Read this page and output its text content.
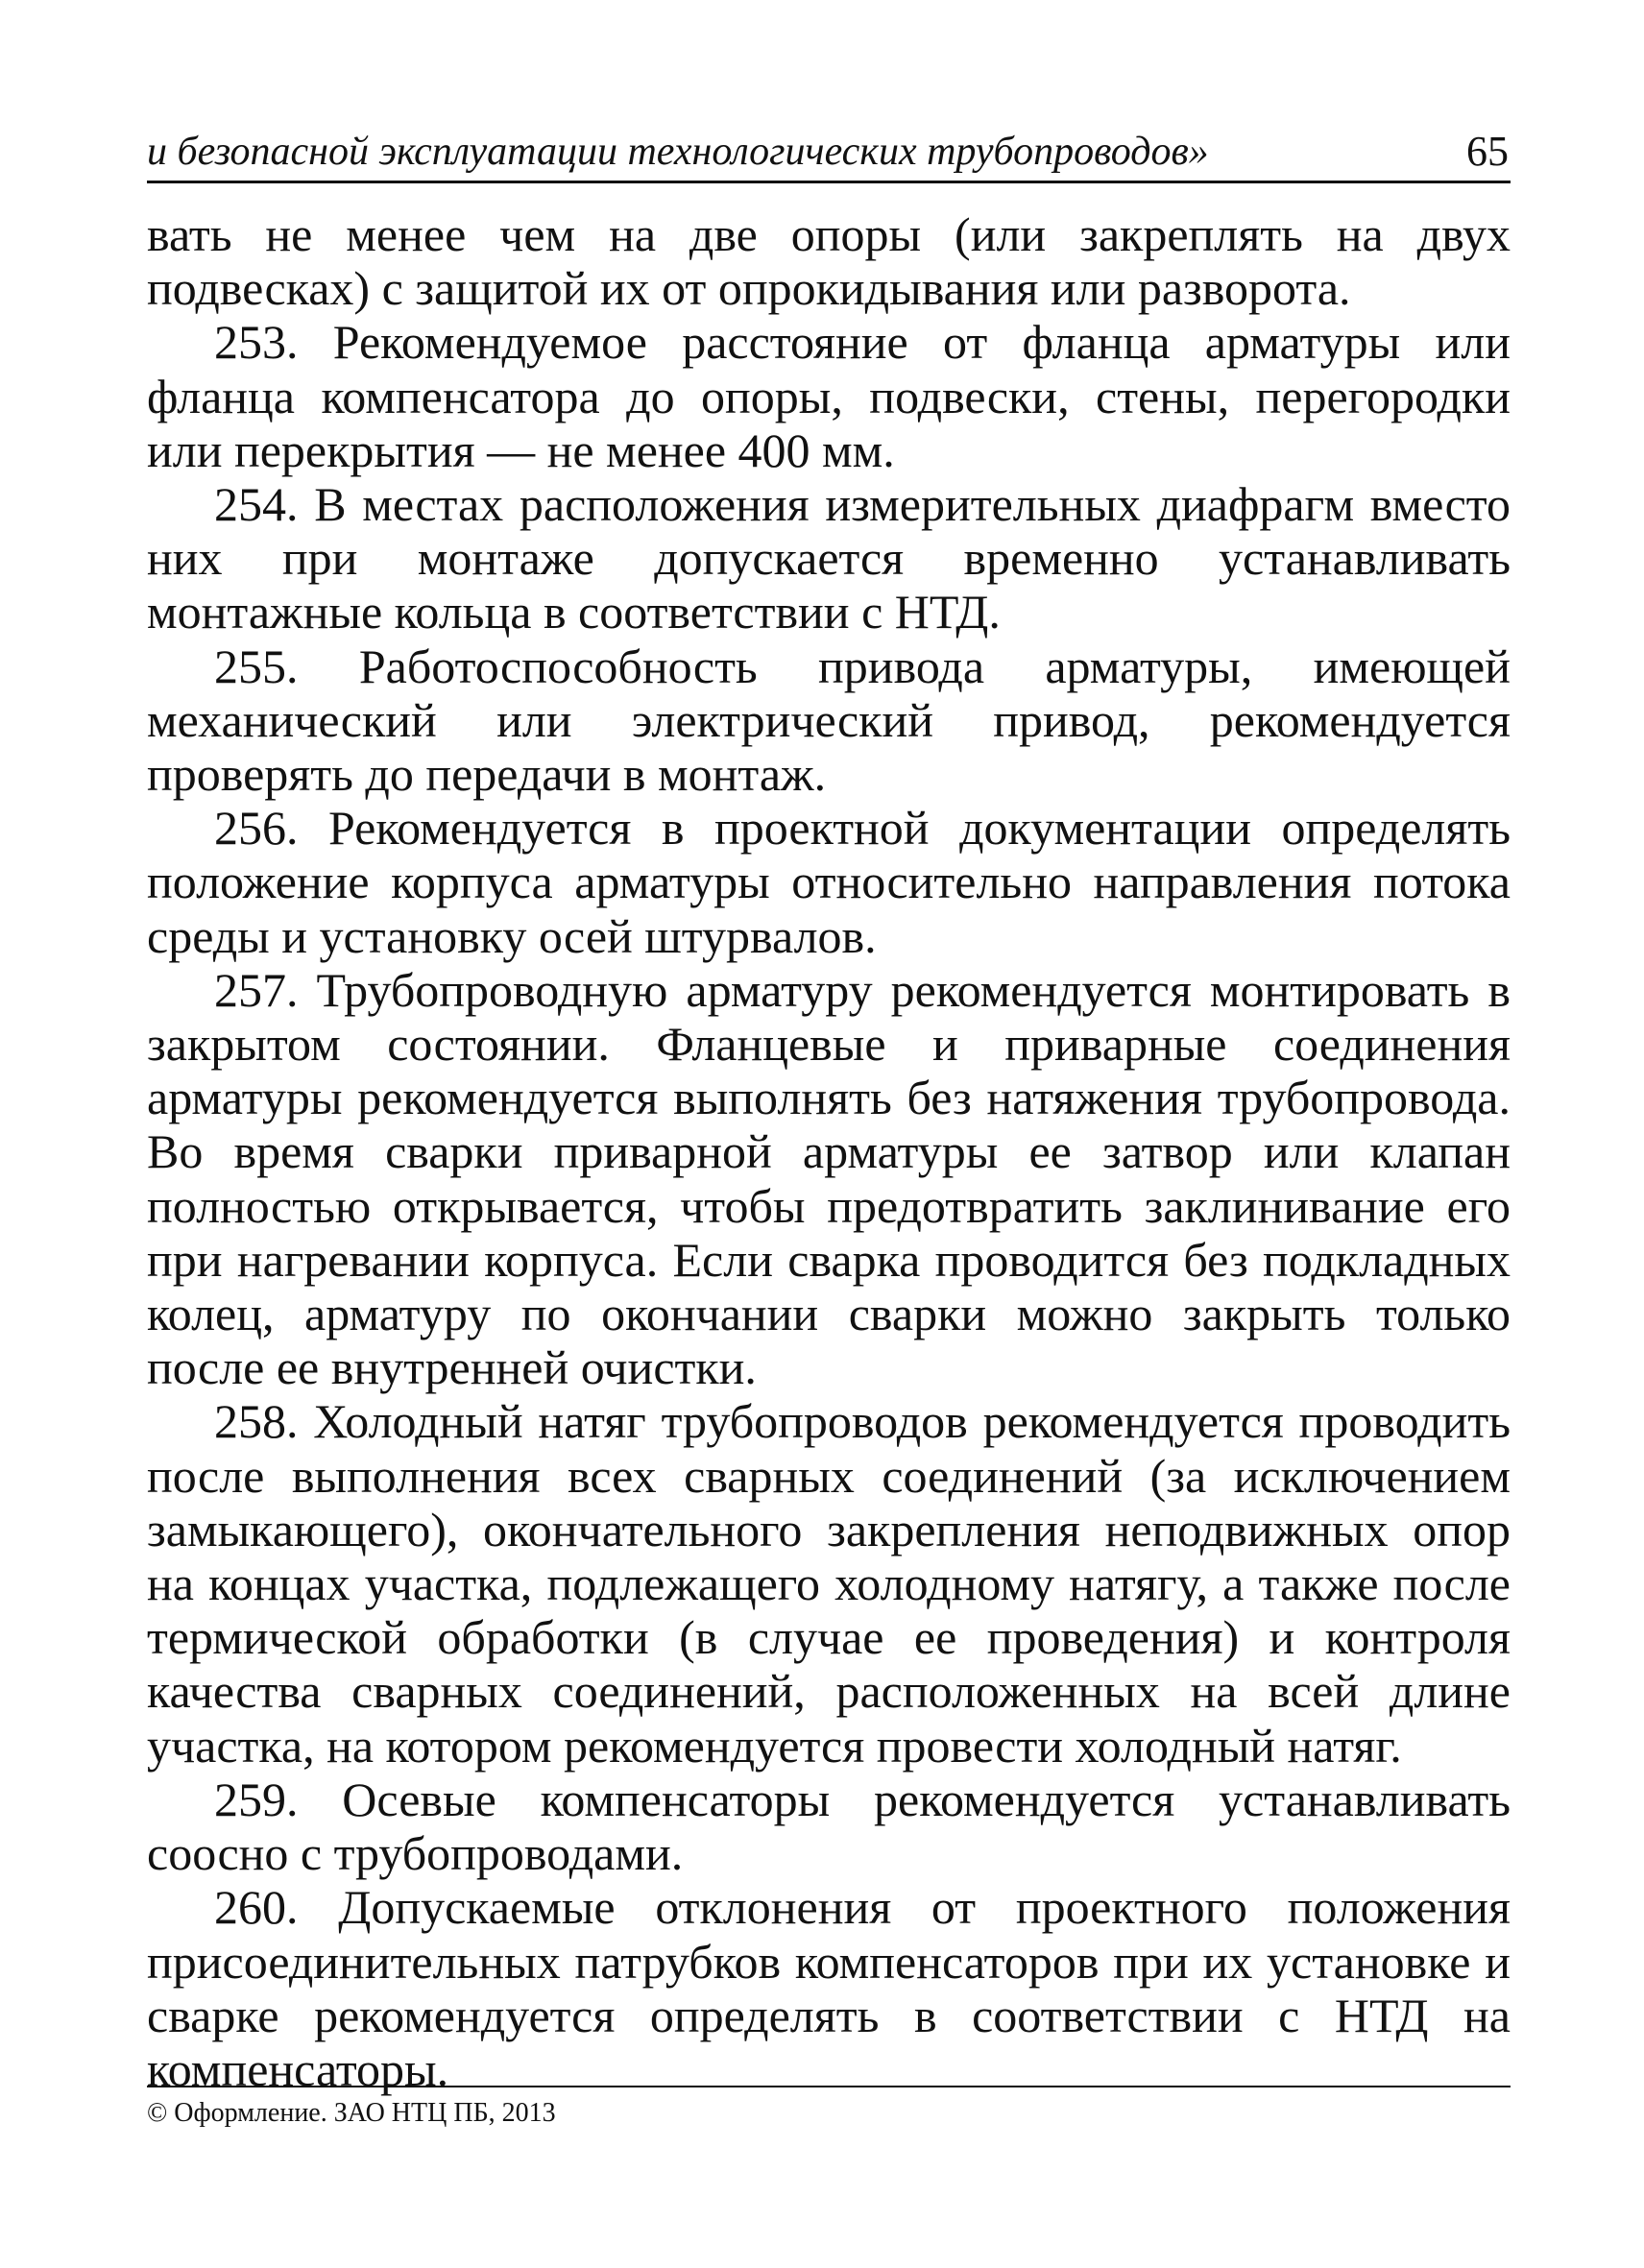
и безопасной эксплуатации технологических трубопроводов»	65

вать не менее чем на две опоры (или закреплять на двух подвесках) с защитой их от опрокидывания или разворота.

253. Рекомендуемое расстояние от фланца арматуры или фланца компенсатора до опоры, подвески, стены, перегородки или перекрытия — не менее 400 мм.

254. В местах расположения измерительных диафрагм вместо них при монтаже допускается временно устанавливать монтажные кольца в соответствии с НТД.

255. Работоспособность привода арматуры, имеющей механический или электрический привод, рекомендуется проверять до передачи в монтаж.

256. Рекомендуется в проектной документации определять положение корпуса арматуры относительно направления потока среды и установку осей штурвалов.

257. Трубопроводную арматуру рекомендуется монтировать в закрытом состоянии. Фланцевые и приварные соединения арматуры рекомендуется выполнять без натяжения трубопровода. Во время сварки приварной арматуры ее затвор или клапан полностью открывается, чтобы предотвратить заклинивание его при нагревании корпуса. Если сварка проводится без подкладных колец, арматуру по окончании сварки можно закрыть только после ее внутренней очистки.

258. Холодный натяг трубопроводов рекомендуется проводить после выполнения всех сварных соединений (за исключением замыкающего), окончательного закрепления неподвижных опор на концах участка, подлежащего холодному натягу, а также после термической обработки (в случае ее проведения) и контроля качества сварных соединений, расположенных на всей длине участка, на котором рекомендуется провести холодный натяг.

259. Осевые компенсаторы рекомендуется устанавливать соосно с трубопроводами.

260. Допускаемые отклонения от проектного положения присоединительных патрубков компенсаторов при их установке и сварке рекомендуется определять в соответствии с НТД на компенсаторы.

© Оформление. ЗАО НТЦ ПБ, 2013
